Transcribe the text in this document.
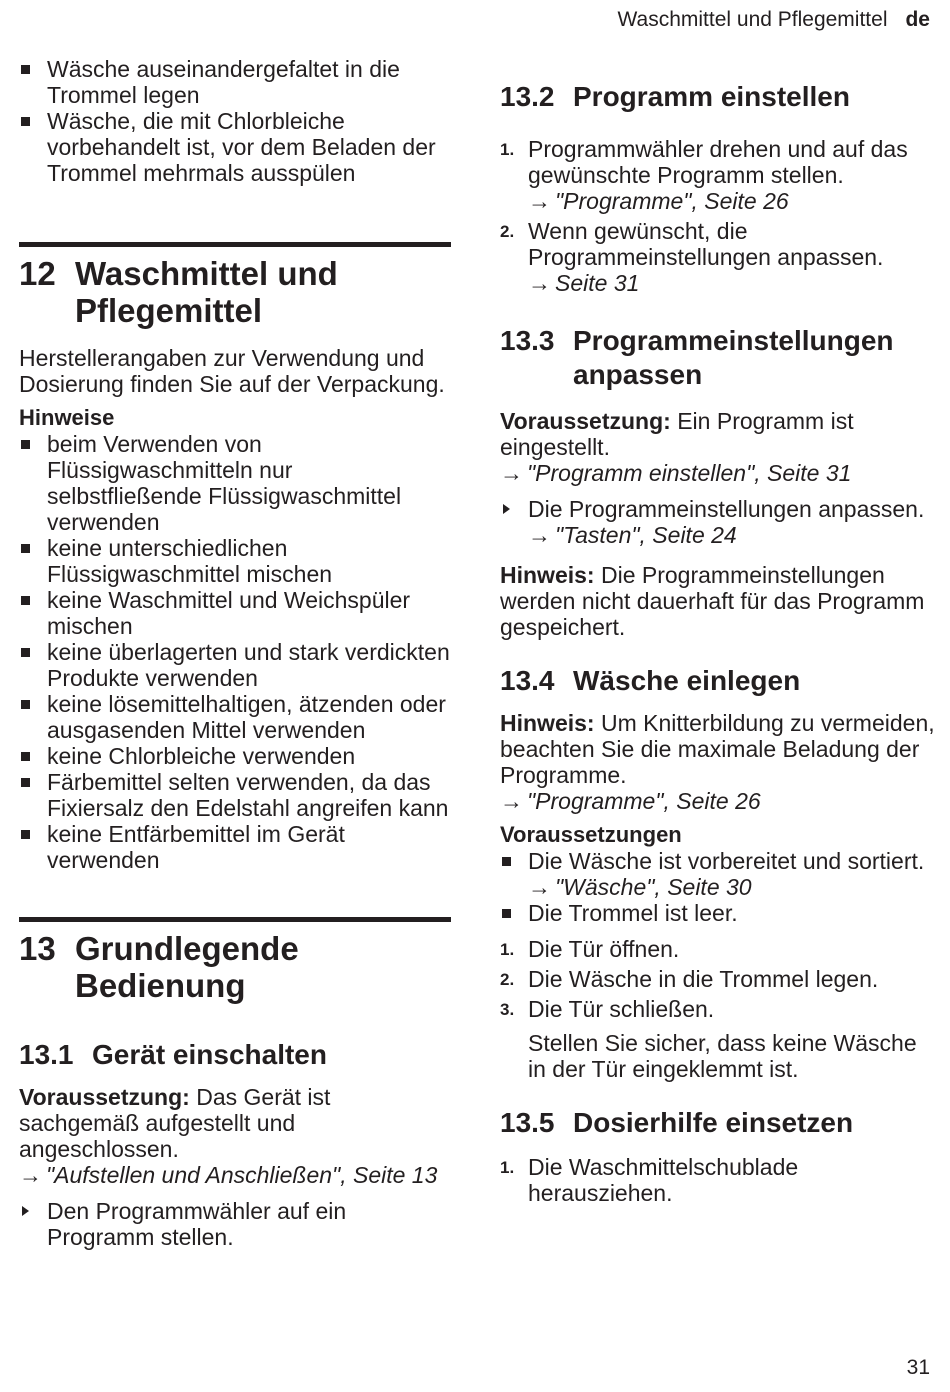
Waschmittel und Pflegemittel de
Wäsche auseinandergefaltet in die Trommel legen
Wäsche, die mit Chlorbleiche vorbehandelt ist, vor dem Beladen der Trommel mehrmals ausspülen
12 Waschmittel und Pflegemittel

Herstellerangaben zur Verwendung und Dosierung finden Sie auf der Verpackung.

Hinweise

beim Verwenden von Flüssigwaschmitteln nur selbstfließende Flüssigwaschmittel verwenden
keine unterschiedlichen Flüssigwaschmittel mischen
keine Waschmittel und Weichspüler mischen
keine überlagerten und stark verdickten Produkte verwenden
keine lösemittelhaltigen, ätzenden oder ausgasenden Mittel verwenden
keine Chlorbleiche verwenden
Färbemittel selten verwenden, da das Fixiersalz den Edelstahl angreifen kann
keine Entfärbemittel im Gerät verwenden
13 Grundlegende Bedienung
13.1 Gerät einschalten

Voraussetzung: Das Gerät ist sachgemäß aufgestellt und angeschlossen.

→ "Aufstellen und Anschließen", Seite 13

Den Programmwähler auf ein Programm stellen.
13.2 Programm einstellen
1. Programmwähler drehen und auf das gewünschte Programm stellen.
→ "Programme", Seite 26
2. Wenn gewünscht, die Programmeinstellungen anpassen.
→ Seite 31
13.3 Programmeinstellungen anpassen

Voraussetzung: Ein Programm ist eingestellt.

→ "Programm einstellen", Seite 31

Die Programmeinstellungen anpassen.
→ "Tasten", Seite 24

Hinweis: Die Programmeinstellungen werden nicht dauerhaft für das Programm gespeichert.

13.4 Wäsche einlegen

Hinweis: Um Knitterbildung zu vermeiden, beachten Sie die maximale Beladung der Programme.

→ "Programme", Seite 26

Voraussetzungen

Die Wäsche ist vorbereitet und sortiert.
→ "Wäsche", Seite 30
Die Trommel ist leer.
1. Die Tür öffnen.
2. Die Wäsche in die Trommel legen.
3. Die Tür schließen.

Stellen Sie sicher, dass keine Wäsche in der Tür eingeklemmt ist.

13.5 Dosierhilfe einsetzen
1. Die Waschmittelschublade herausziehen.
31
